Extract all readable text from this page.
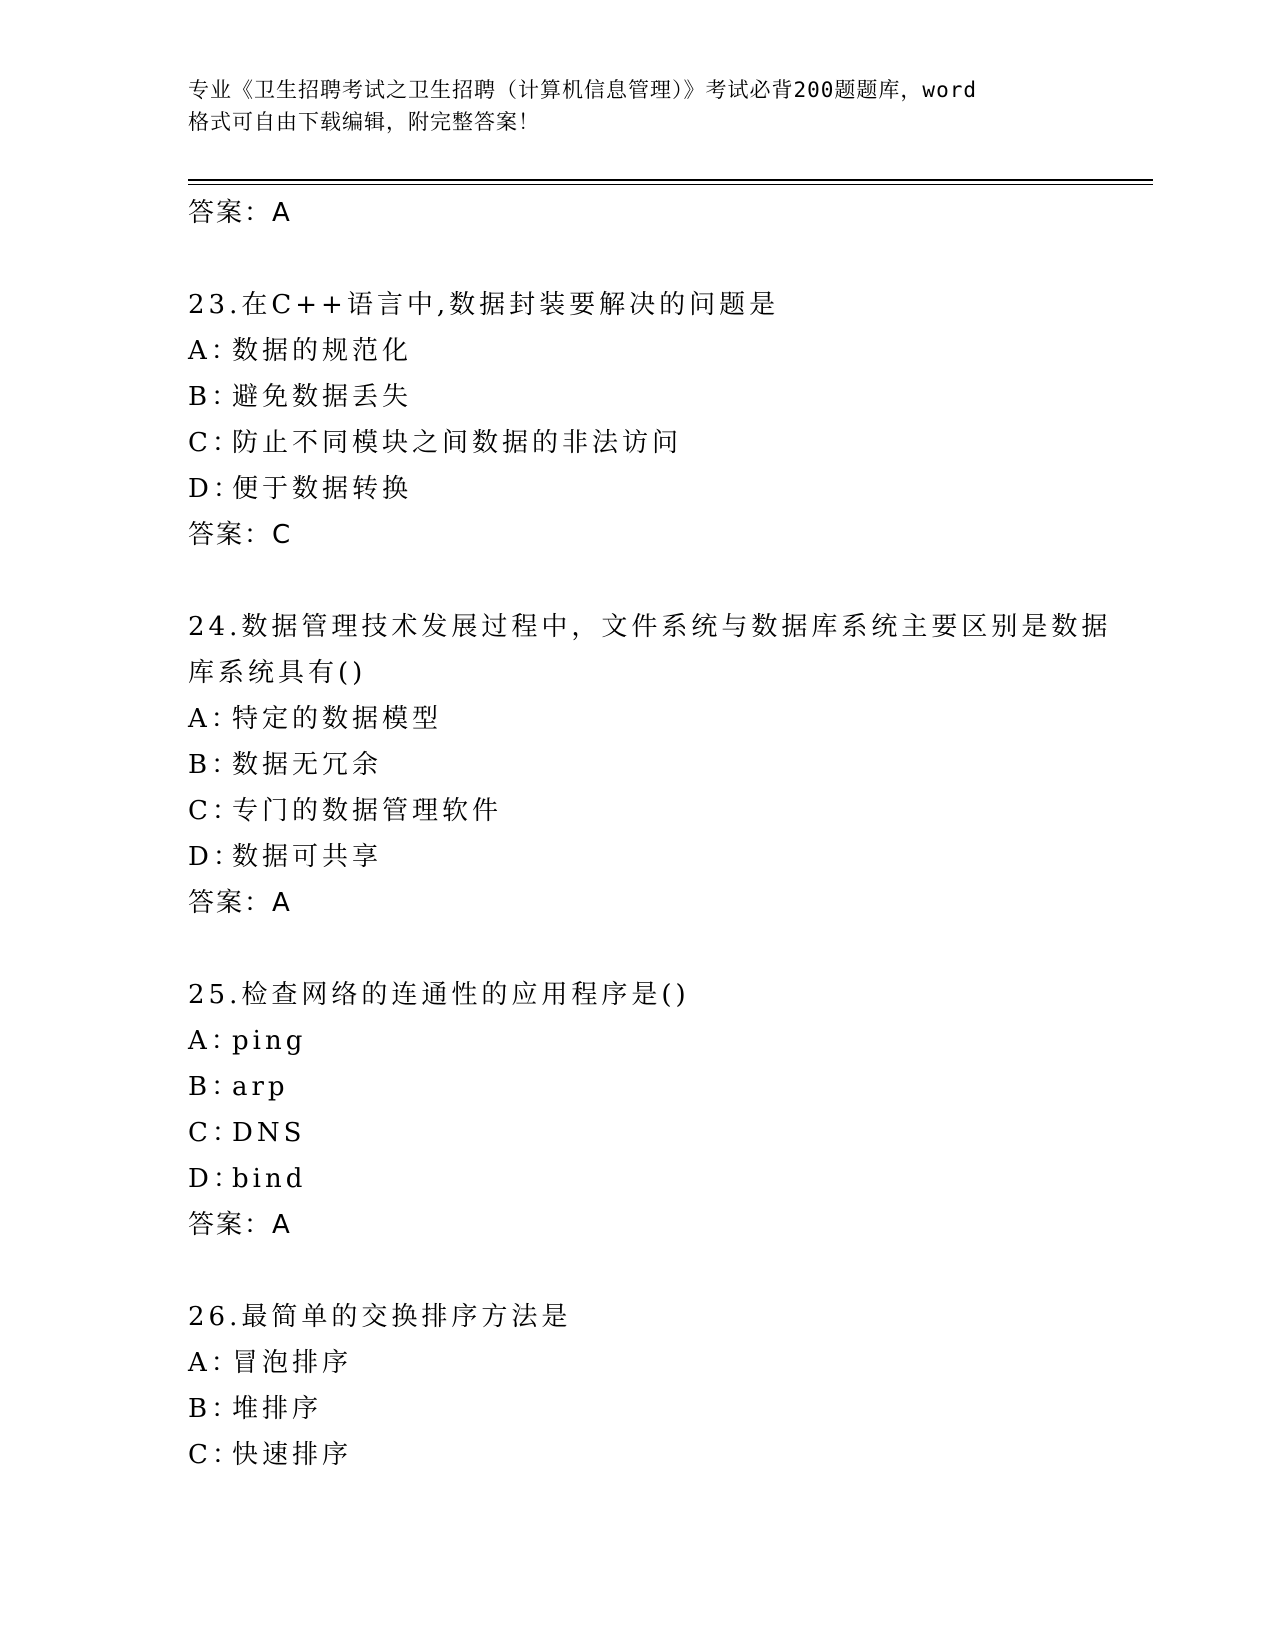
专业《卫生招聘考试之卫生招聘（计算机信息管理）》考试必背200题题库，word
格式可自由下载编辑，附完整答案！
答案：A
23.在C++语言中,数据封装要解决的问题是
A：数据的规范化
B：避免数据丢失
C：防止不同模块之间数据的非法访问
D：便于数据转换
答案：C
24.数据管理技术发展过程中，文件系统与数据库系统主要区别是数据库系统具有()
A：特定的数据模型
B：数据无冗余
C：专门的数据管理软件
D：数据可共享
答案：A
25.检查网络的连通性的应用程序是()
A：ping
B：arp
C：DNS
D：bind
答案：A
26.最简单的交换排序方法是
A：冒泡排序
B：堆排序
C：快速排序
